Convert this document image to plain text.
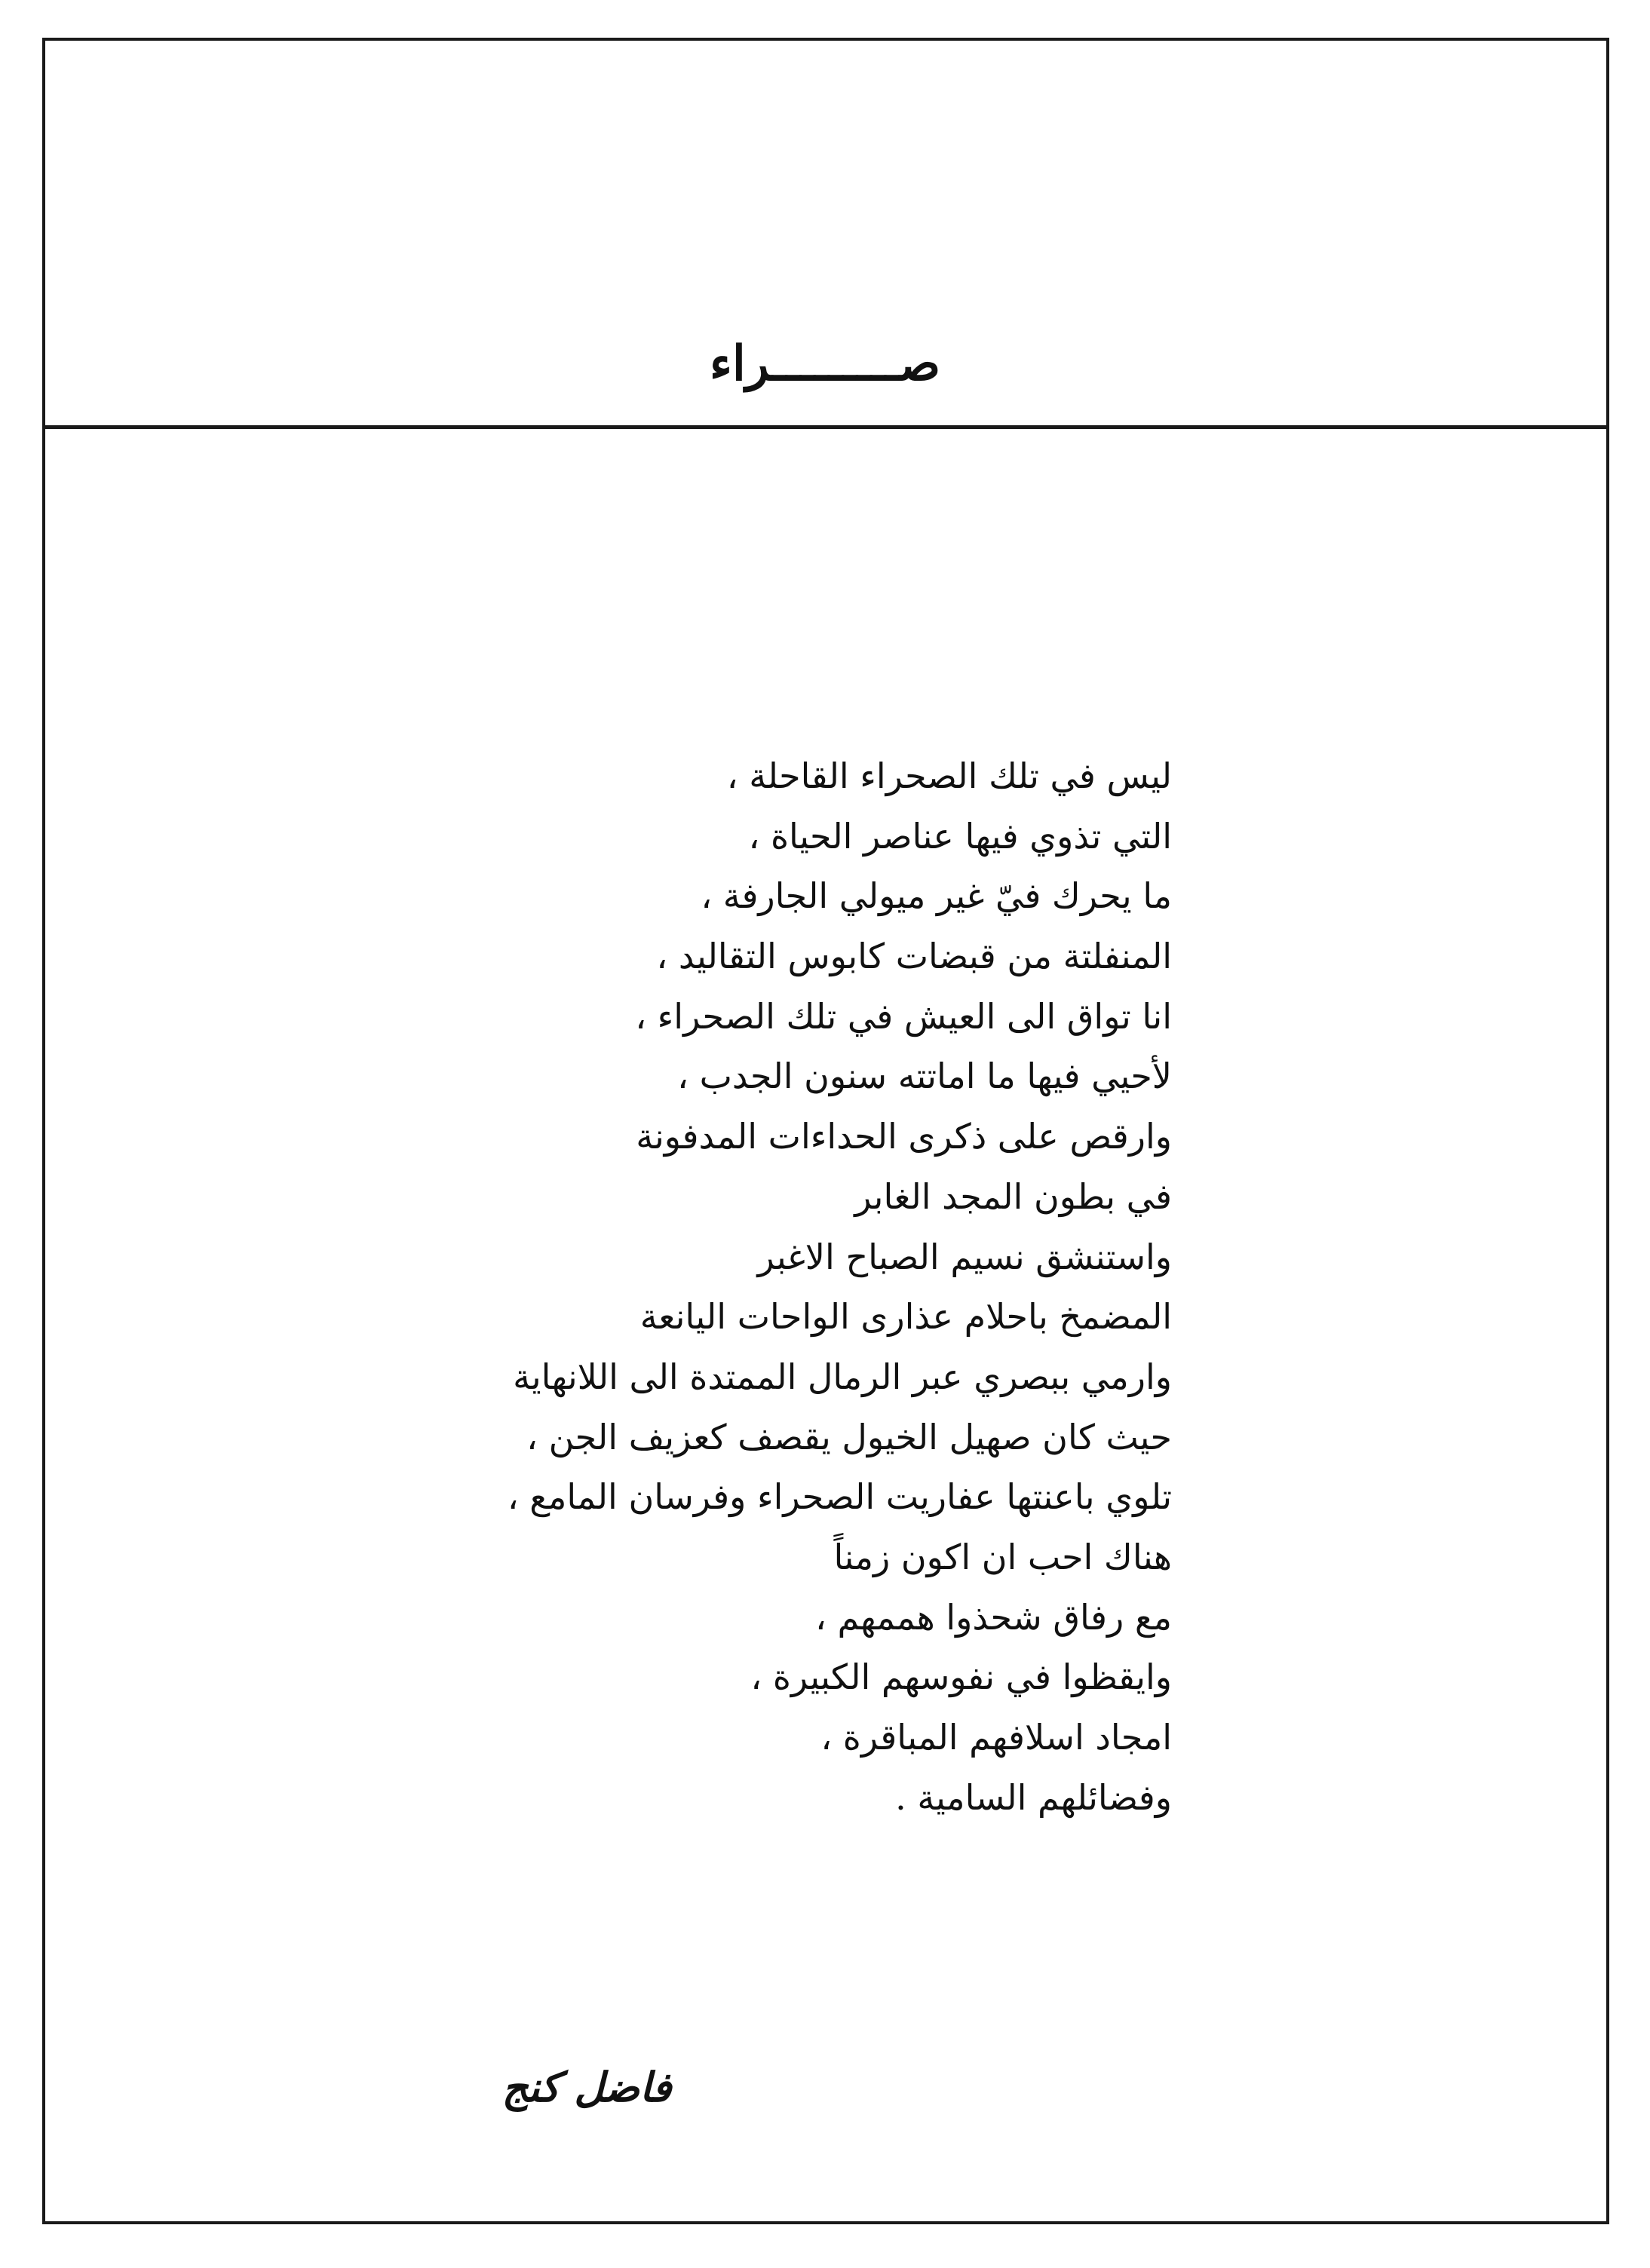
صـــــــــراء
ليس في تلك الصحراء القاحلة ،
التي تذوي فيها عناصر الحياة ،
ما يحرك فيّ غير ميولي الجارفة ،
المنفلتة من قبضات كابوس التقاليد ،
انا تواق الى العيش في تلك الصحراء ،
لأحيي فيها ما اماتته سنون الجدب ،
وارقص على ذكرى الحداءات المدفونة
في بطون المجد الغابر
واستنشق نسيم الصباح الاغبر
المضمخ باحلام عذارى الواحات اليانعة
وارمي ببصري عبر الرمال الممتدة الى اللانهاية
حيث كان صهيل الخيول يقصف كعزيف الجن ،
تلوي باعنتها عفاريت الصحراء وفرسان المامع ،
هناك احب ان اكون زمناً
مع رفاق شحذوا هممهم ،
وايقظوا في نفوسهم الكبيرة ،
امجاد اسلافهم المباقرة ،
وفضائلهم السامية .
فاضل كنج
